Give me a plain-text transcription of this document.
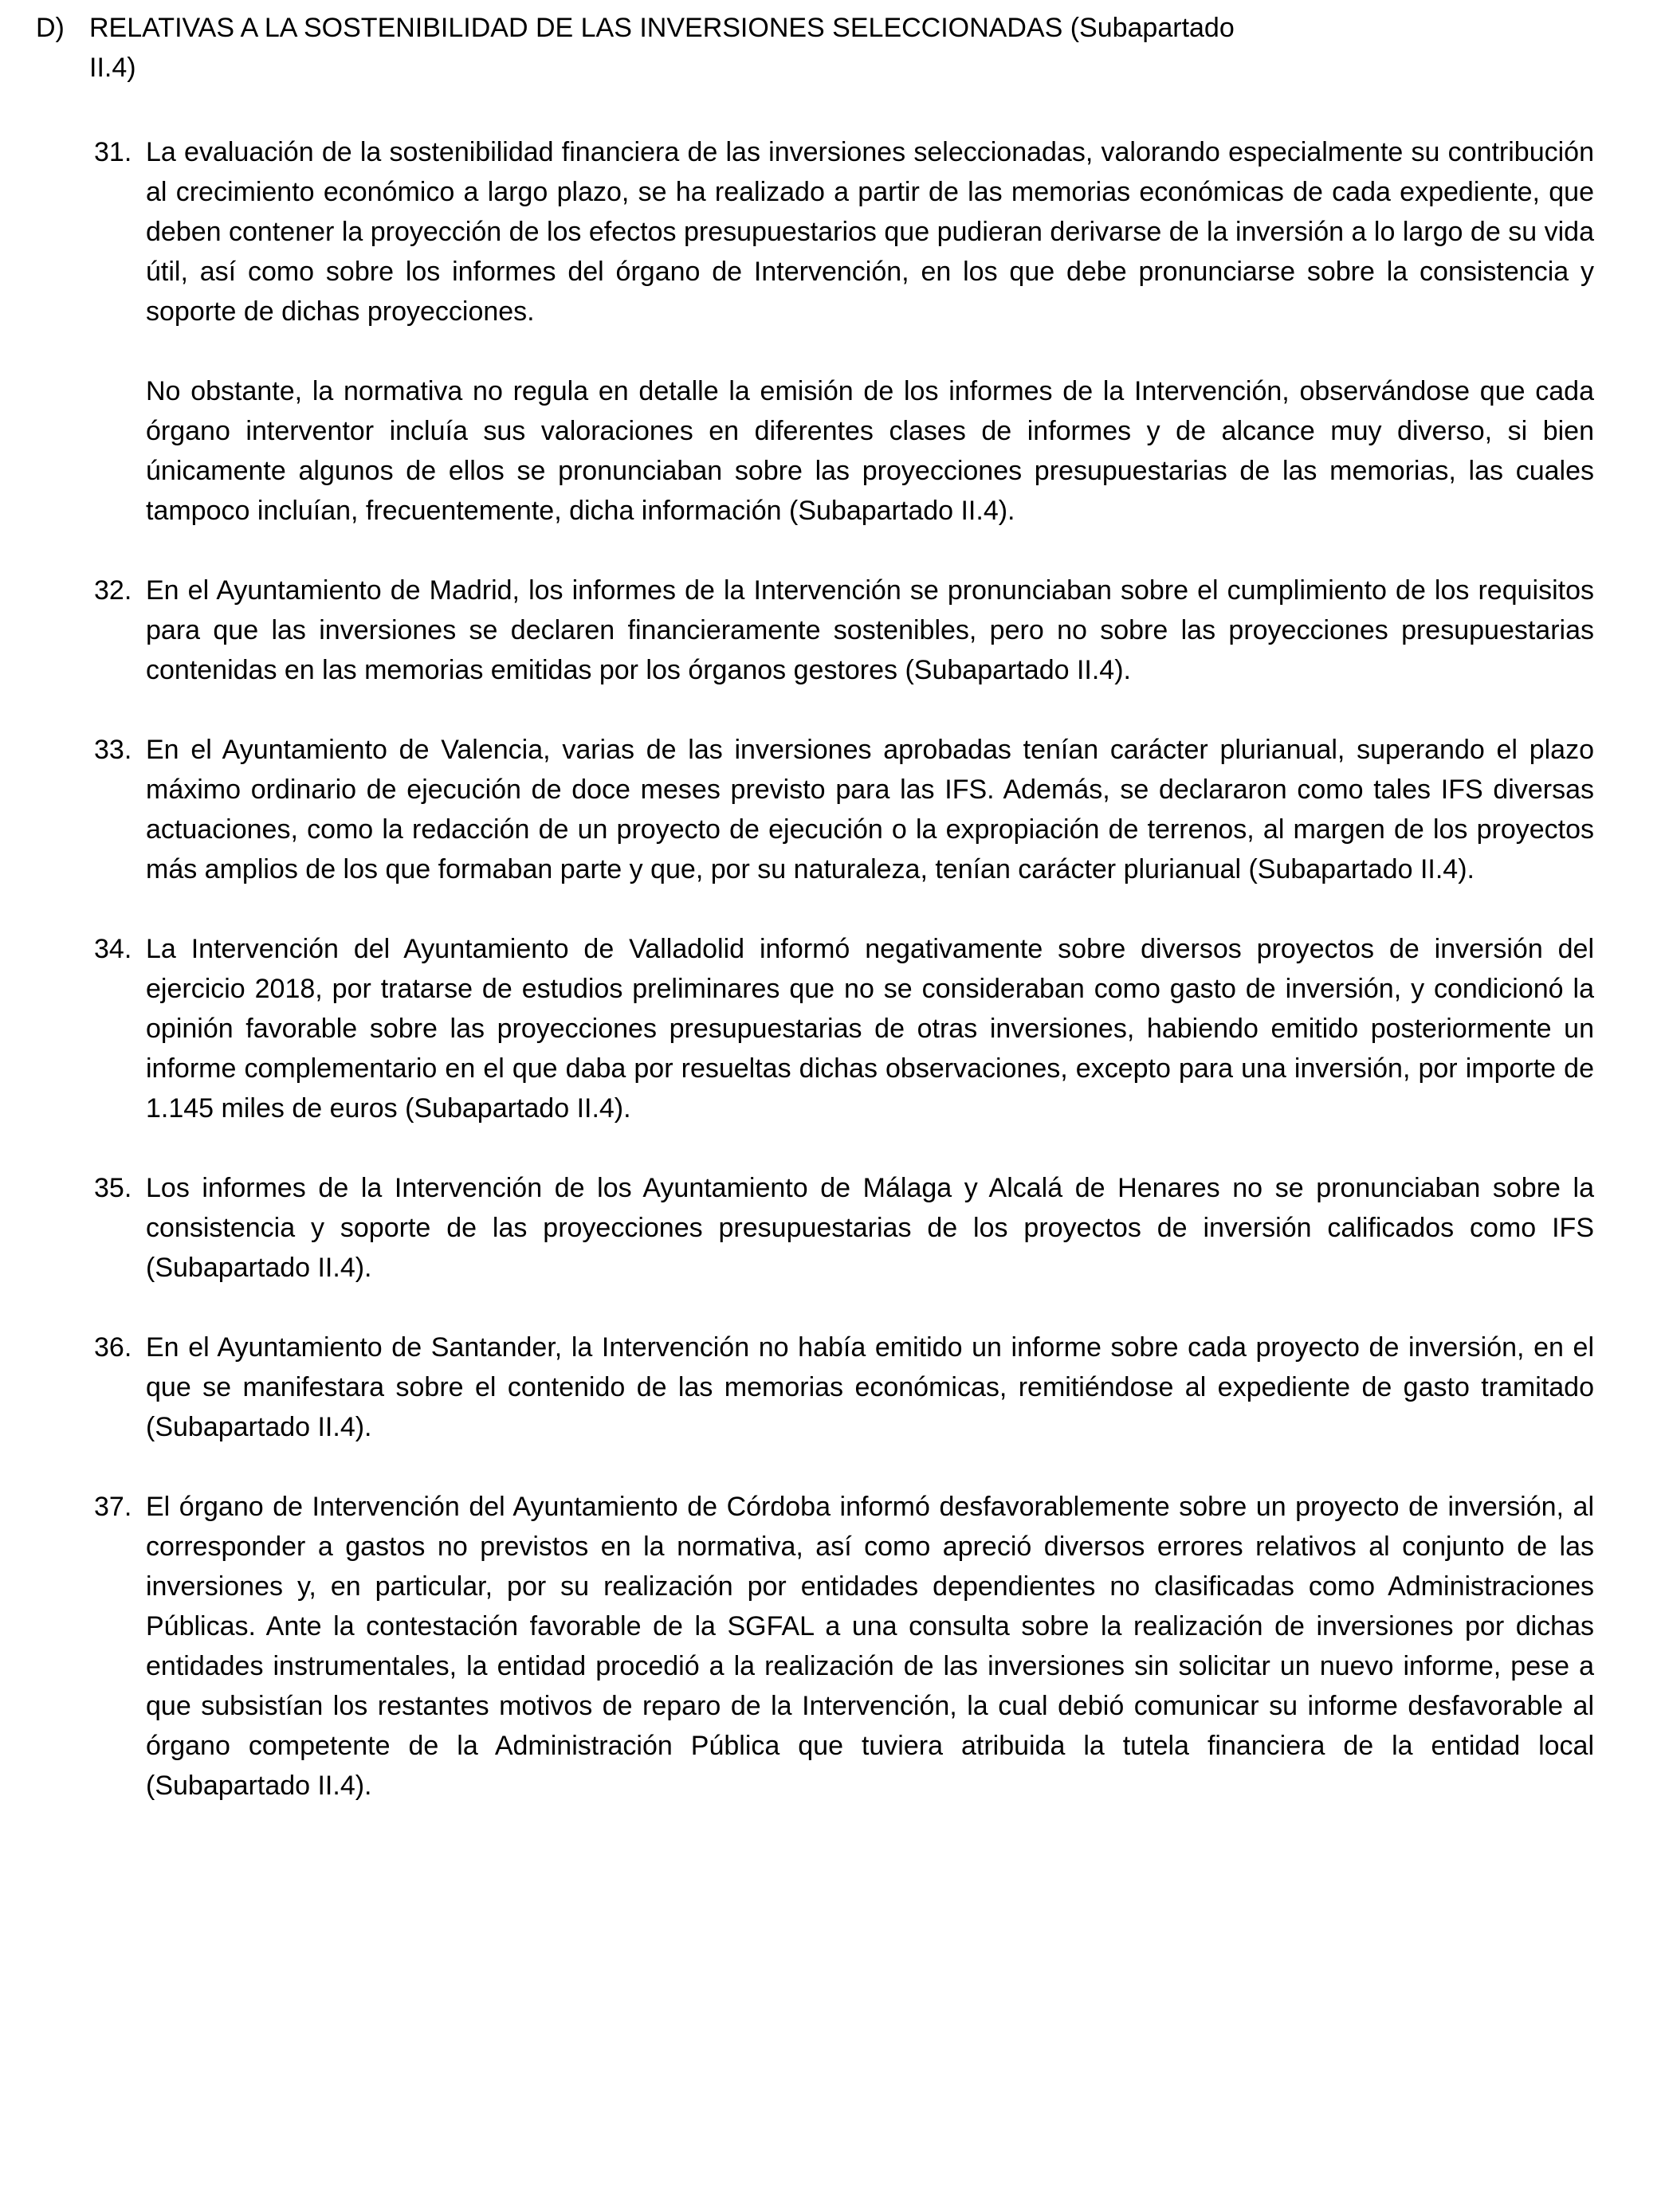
D) RELATIVAS A LA SOSTENIBILIDAD DE LAS INVERSIONES SELECCIONADAS (Subapartado
II.4)
31. La evaluación de la sostenibilidad financiera de las inversiones seleccionadas, valorando especialmente su contribución al crecimiento económico a largo plazo, se ha realizado a partir de las memorias económicas de cada expediente, que deben contener la proyección de los efectos presupuestarios que pudieran derivarse de la inversión a lo largo de su vida útil, así como sobre los informes del órgano de Intervención, en los que debe pronunciarse sobre la consistencia y soporte de dichas proyecciones.

No obstante, la normativa no regula en detalle la emisión de los informes de la Intervención, observándose que cada órgano interventor incluía sus valoraciones en diferentes clases de informes y de alcance muy diverso, si bien únicamente algunos de ellos se pronunciaban sobre las proyecciones presupuestarias de las memorias, las cuales tampoco incluían, frecuentemente, dicha información (Subapartado II.4).

32. En el Ayuntamiento de Madrid, los informes de la Intervención se pronunciaban sobre el cumplimiento de los requisitos para que las inversiones se declaren financieramente sostenibles, pero no sobre las proyecciones presupuestarias contenidas en las memorias emitidas por los órganos gestores (Subapartado II.4).

33. En el Ayuntamiento de Valencia, varias de las inversiones aprobadas tenían carácter plurianual, superando el plazo máximo ordinario de ejecución de doce meses previsto para las IFS. Además, se declararon como tales IFS diversas actuaciones, como la redacción de un proyecto de ejecución o la expropiación de terrenos, al margen de los proyectos más amplios de los que formaban parte y que, por su naturaleza, tenían carácter plurianual (Subapartado II.4).

34. La Intervención del Ayuntamiento de Valladolid informó negativamente sobre diversos proyectos de inversión del ejercicio 2018, por tratarse de estudios preliminares que no se consideraban como gasto de inversión, y condicionó la opinión favorable sobre las proyecciones presupuestarias de otras inversiones, habiendo emitido posteriormente un informe complementario en el que daba por resueltas dichas observaciones, excepto para una inversión, por importe de 1.145 miles de euros (Subapartado II.4).

35. Los informes de la Intervención de los Ayuntamiento de Málaga y Alcalá de Henares no se pronunciaban sobre la consistencia y soporte de las proyecciones presupuestarias de los proyectos de inversión calificados como IFS (Subapartado II.4).

36. En el Ayuntamiento de Santander, la Intervención no había emitido un informe sobre cada proyecto de inversión, en el que se manifestara sobre el contenido de las memorias económicas, remitiéndose al expediente de gasto tramitado (Subapartado II.4).

37. El órgano de Intervención del Ayuntamiento de Córdoba informó desfavorablemente sobre un proyecto de inversión, al corresponder a gastos no previstos en la normativa, así como apreció diversos errores relativos al conjunto de las inversiones y, en particular, por su realización por entidades dependientes no clasificadas como Administraciones Públicas. Ante la contestación favorable de la SGFAL a una consulta sobre la realización de inversiones por dichas entidades instrumentales, la entidad procedió a la realización de las inversiones sin solicitar un nuevo informe, pese a que subsistían los restantes motivos de reparo de la Intervención, la cual debió comunicar su informe desfavorable al órgano competente de la Administración Pública que tuviera atribuida la tutela financiera de la entidad local (Subapartado II.4).
